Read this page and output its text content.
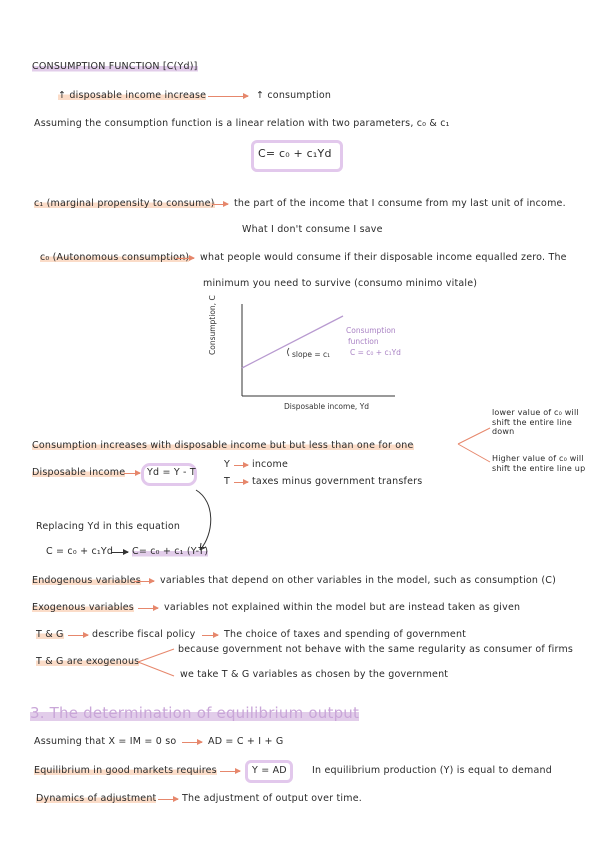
CONSUMPTION FUNCTION [C(Yd)]
↑ disposable income increase	↑ consumption
Assuming the consumption function is a linear relation with two parameters, c₀ & c₁
C= c₀ + c₁Yd
c₁ (marginal propensity to consume) the part of the income that I consume from my last unit of income.
What I don't consume I save
c₀ (Autonomous consumption) what people would consume if their disposable income equalled zero. The
minimum you need to survive (consumo minimo vitale)
Consumption, C	slope = c₁
Consumption
function
C = c₀ + c₁Yd
Disposable income, Yd
lower value of c₀ will shift the entire line down
Higher value of c₀ will shift the entire line up
Consumption increases with disposable income but but less than one for one
Disposable income Yd = Y - T
Y income
T taxes minus government transfers
Replacing Yd in this equation
C = c₀ + c₁Yd C= c₀ + c₁ (Y-T)
Endogenous variables variables that depend on other variables in the model, such as consumption (C)
Exogenous variables	variables not explained within the model but are instead taken as given
T & G	describe fiscal policy	The choice of taxes and spending of government
T & G are exogenous
because government not behave with the same regularity as consumer of firms
we take T & G variables as chosen by the government
3. The determination of equilibrium output
Assuming that X = IM = 0 so	AD = C + I + G
Equilibrium in good markets requires	Y = AD	In equilibrium production (Y) is equal to demand
Dynamics of adjustment	The adjustment of output over time.
